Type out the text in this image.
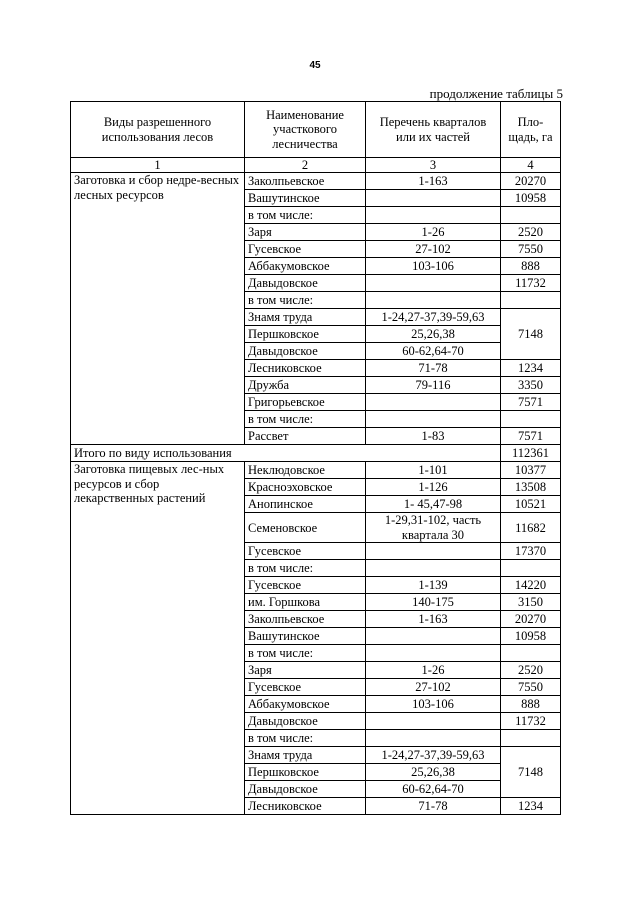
45
продолжение таблицы 5
Виды разрешенного использования лесов	Наименование участкового лесничества	Перечень кварталов или их частей	Пло-щадь, га
1	2	3	4
Заготовка и сбор недре-весных лесных ресурсов	Заколпьевское	1-163	20270
	Вашутинское		10958
	в том числе:		
	Заря	1-26	2520
	Гусевское	27-102	7550
	Аббакумовское	103-106	888
	Давыдовское		11732
	в том числе:		
	Знамя труда	1-24,27-37,39-59,63	7148
	Першковское	25,26,38	
	Давыдовское	60-62,64-70	
	Лесниковское	71-78	1234
	Дружба	79-116	3350
	Григорьевское		7571
	в том числе:		
	Рассвет	1-83	7571
Итого по виду использования			112361
Заготовка пищевых лес-ных ресурсов и сбор лекарственных растений	Неклюдовское	1-101	10377
	Красноэховское	1-126	13508
	Анопинское	1- 45,47-98	10521
	Семеновское	1-29,31-102, часть квартала 30	11682
	Гусевское		17370
	в том числе:		
	Гусевское	1-139	14220
	им. Горшкова	140-175	3150
	Заколпьевское	1-163	20270
	Вашутинское		10958
	в том числе:		
	Заря	1-26	2520
	Гусевское	27-102	7550
	Аббакумовское	103-106	888
	Давыдовское		11732
	в том числе:		
	Знамя труда	1-24,27-37,39-59,63	7148
	Першковское	25,26,38	
	Давыдовское	60-62,64-70	
	Лесниковское	71-78	1234
